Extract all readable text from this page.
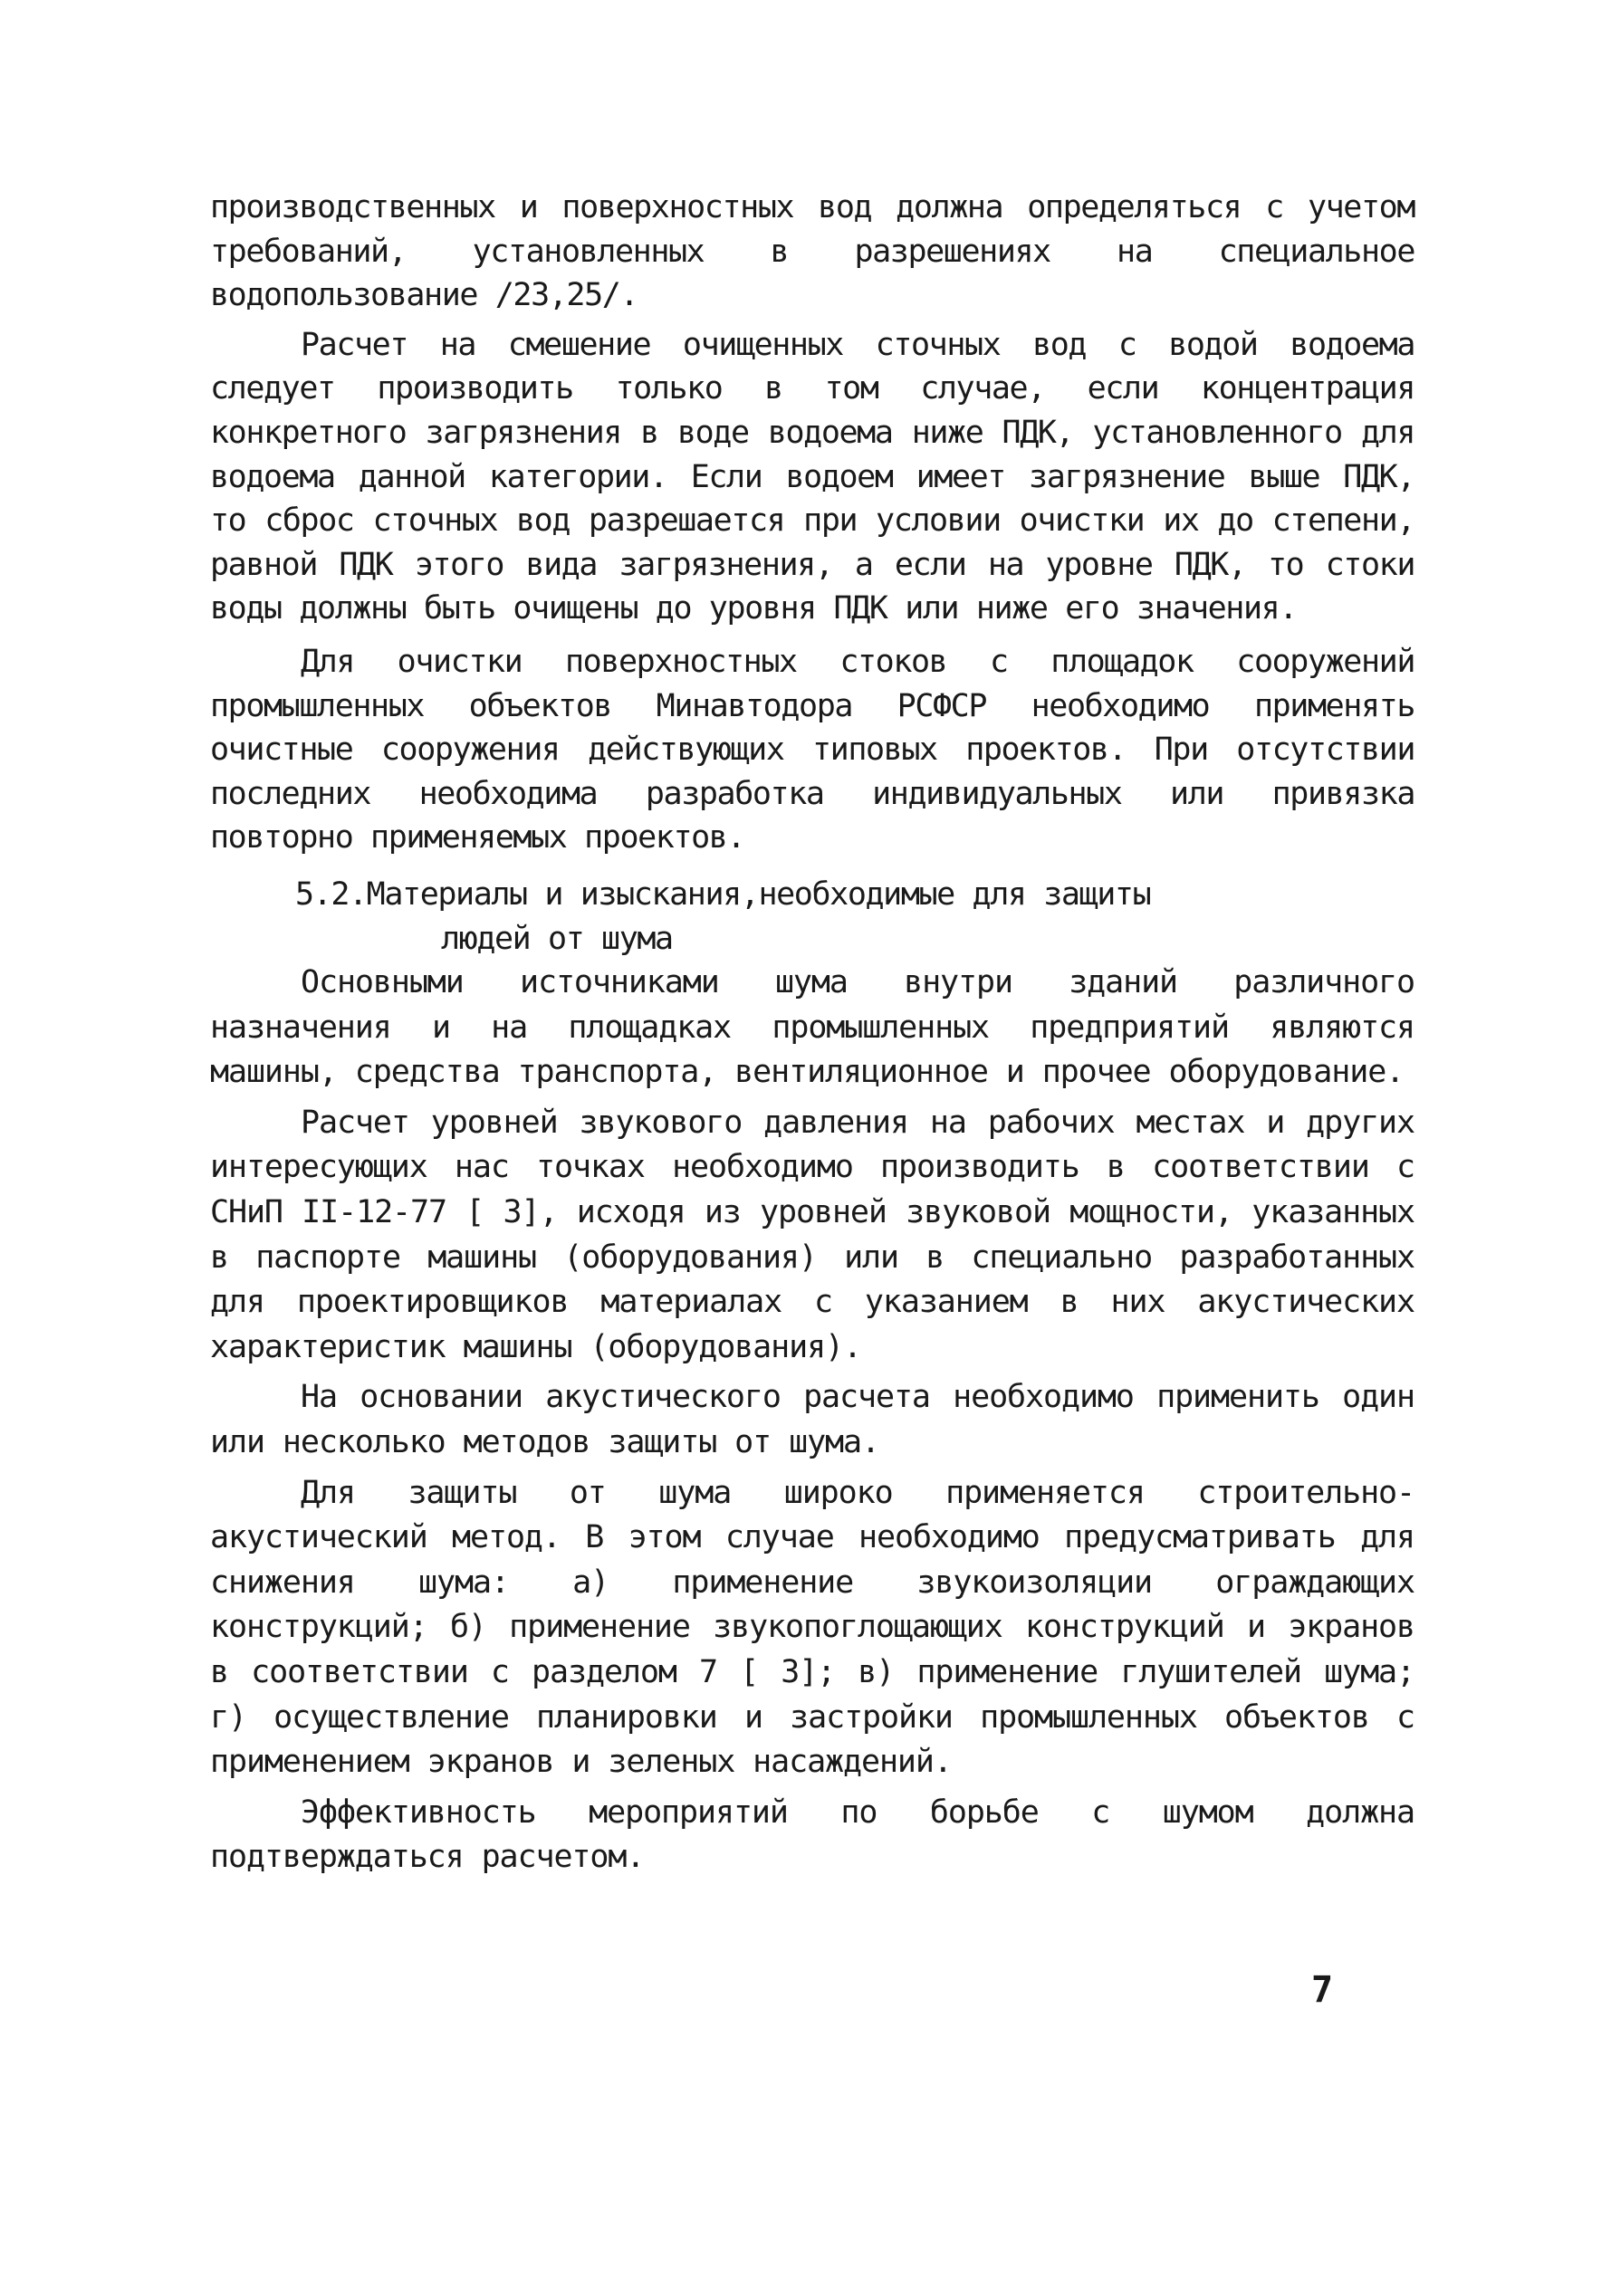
производственных и поверхностных вод должна определяться с учетом требований, установленных в разрешениях на специальное водопользование /23,25/.

Расчет на смешение очищенных сточных вод с водой водоема следует производить только в том случае, если концентрация конкретного загрязнения в воде водоема ниже ПДК, установленного для водоема данной категории. Если водоем имеет загрязнение выше ПДК, то сброс сточных вод разрешается при условии очистки их до степени, равной ПДК этого вида загрязнения, а если на уровне ПДК, то стоки воды должны быть очищены до уровня ПДК или ниже его значения.

Для очистки поверхностных стоков с площадок сооружений промышленных объектов Минавтодора РСФСР необходимо применять очистные сооружения действующих типовых проектов. При отсутствии последних необходима разработка индивидуальных или привязка повторно применяемых проектов.

5.2.Материалы и изыскания,необходимые для защиты
людей от шума

Основными источниками шума внутри зданий различного назначения и на площадках промышленных предприятий являются машины, средства транспорта, вентиляционное и прочее оборудование.

Расчет уровней звукового давления на рабочих местах и других интересующих нас точках необходимо производить в соответствии с СНиП II-12-77 [ 3], исходя из уровней звуковой мощности, указанных в паспорте машины (оборудования) или в специально разработанных для проектировщиков материалах с указанием в них акустических характеристик машины (оборудования).

На основании акустического расчета необходимо применить один или несколько методов защиты от шума.

Для защиты от шума широко применяется строительно-акустический метод. В этом случае необходимо предусматривать для снижения шума: а) применение звукоизоляции ограждающих конструкций; б) применение звукопоглощающих конструкций и экранов в соответствии с разделом 7 [ 3]; в) применение глушителей шума; г) осуществление планировки и застройки промышленных объектов с применением экранов и зеленых насаждений.

Эффективность мероприятий по борьбе с шумом должна подтверждаться расчетом.

7
